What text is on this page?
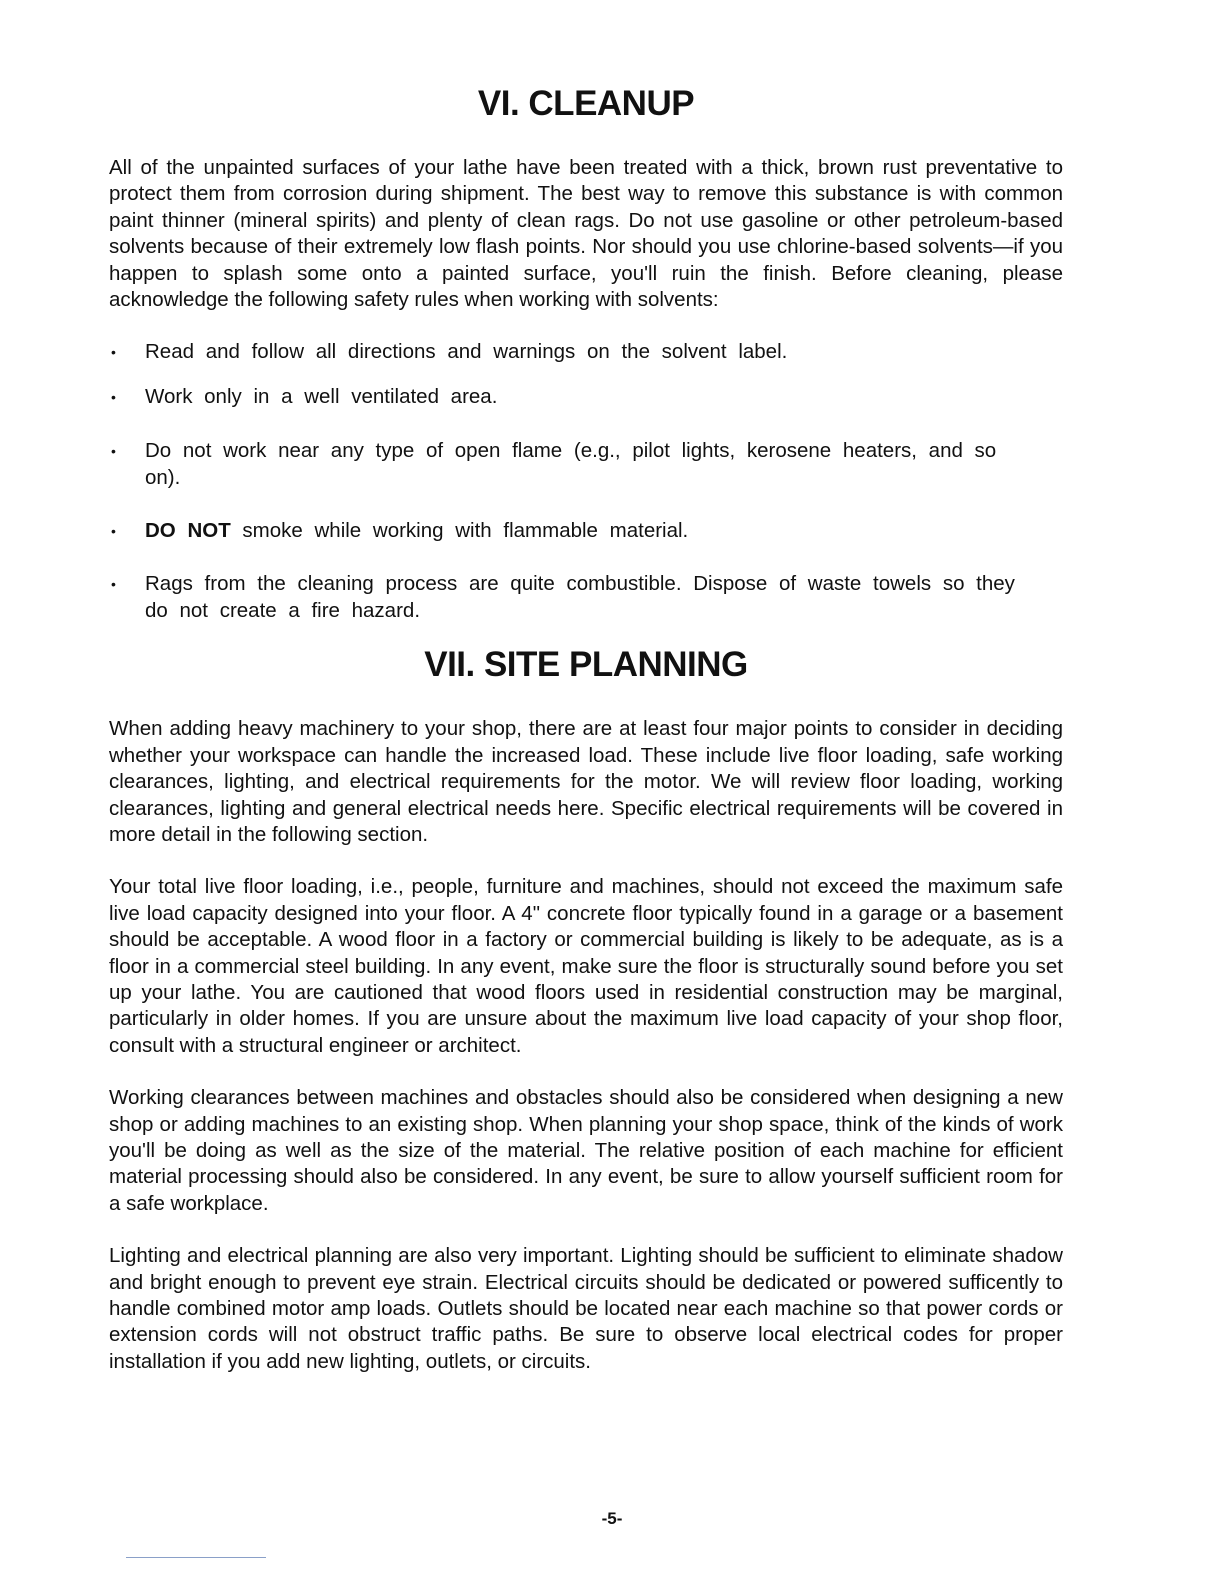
VI. CLEANUP

All of the unpainted surfaces of your lathe have been treated with a thick, brown rust preventative to protect them from corrosion during shipment. The best way to remove this substance is with common paint thinner (mineral spirits) and plenty of clean rags. Do not use gasoline or other petroleum-based solvents because of their extremely low flash points. Nor should you use chlorine-based solvents—if you happen to splash some onto a painted surface, you'll ruin the finish. Before cleaning, please acknowledge the following safety rules when working with solvents:

• Read and follow all directions and warnings on the solvent label.
• Work only in a well ventilated area.
• Do not work near any type of open flame (e.g., pilot lights, kerosene heaters, and so on).
• DO NOT smoke while working with flammable material.
• Rags from the cleaning process are quite combustible. Dispose of waste towels so they do not create a fire hazard.
VII. SITE PLANNING

When adding heavy machinery to your shop, there are at least four major points to consider in deciding whether your workspace can handle the increased load. These include live floor loading, safe working clearances, lighting, and electrical requirements for the motor. We will review floor loading, working clearances, lighting and general electrical needs here. Specific electrical requirements will be covered in more detail in the following section.

Your total live floor loading, i.e., people, furniture and machines, should not exceed the maximum safe live load capacity designed into your floor. A 4" concrete floor typically found in a garage or a basement should be acceptable. A wood floor in a factory or commercial building is likely to be adequate, as is a floor in a commercial steel building. In any event, make sure the floor is structurally sound before you set up your lathe. You are cautioned that wood floors used in residential construction may be marginal, particularly in older homes. If you are unsure about the maximum live load capacity of your shop floor, consult with a structural engineer or architect.

Working clearances between machines and obstacles should also be considered when designing a new shop or adding machines to an existing shop. When planning your shop space, think of the kinds of work you'll be doing as well as the size of the material. The relative position of each machine for efficient material processing should also be considered. In any event, be sure to allow yourself sufficient room for a safe workplace.

Lighting and electrical planning are also very important. Lighting should be sufficient to eliminate shadow and bright enough to prevent eye strain. Electrical circuits should be dedicated or powered sufficently to handle combined motor amp loads. Outlets should be located near each machine so that power cords or extension cords will not obstruct traffic paths. Be sure to observe local electrical codes for proper installation if you add new lighting, outlets, or circuits.

-5-
